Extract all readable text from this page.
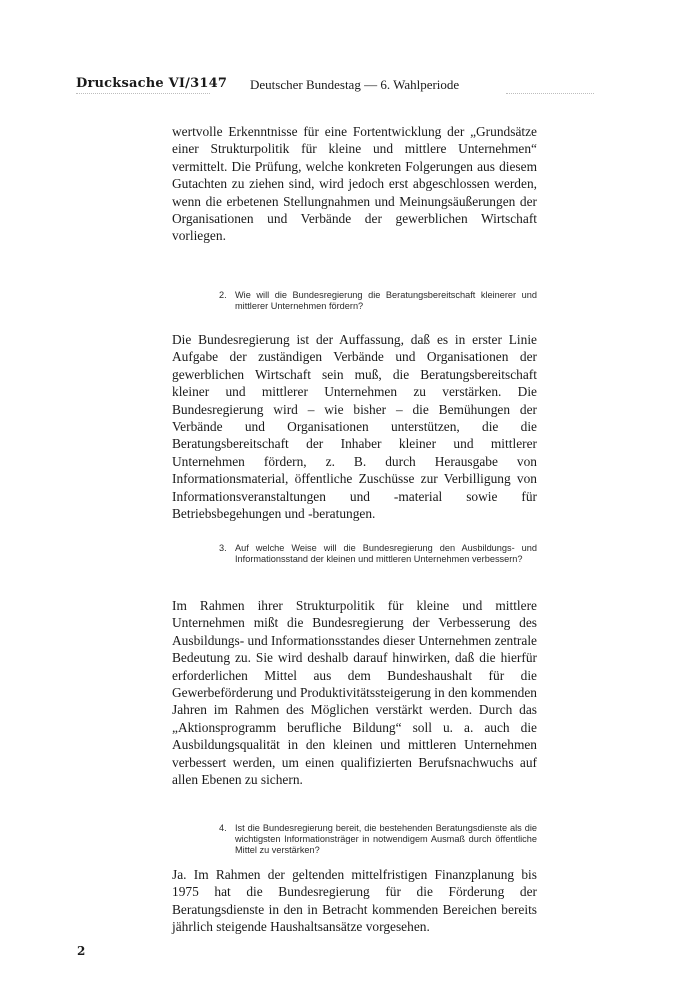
Drucksache VI/3147 Deutscher Bundestag — 6. Wahlperiode

wertvolle Erkenntnisse für eine Fortentwicklung der „Grundsätze einer Strukturpolitik für kleine und mittlere Unternehmen“ vermittelt. Die Prüfung, welche konkreten Folgerungen aus diesem Gutachten zu ziehen sind, wird jedoch erst abgeschlossen werden, wenn die erbetenen Stellungnahmen und Meinungsäußerungen der Organisationen und Verbände der gewerblichen Wirtschaft vorliegen.

2. Wie will die Bundesregierung die Beratungsbereitschaft kleinerer und mittlerer Unternehmen fördern?

Die Bundesregierung ist der Auffassung, daß es in erster Linie Aufgabe der zuständigen Verbände und Organisationen der gewerblichen Wirtschaft sein muß, die Beratungsbereitschaft kleiner und mittlerer Unternehmen zu verstärken. Die Bundesregierung wird – wie bisher – die Bemühungen der Verbände und Organisationen unterstützen, die die Beratungsbereitschaft der Inhaber kleiner und mittlerer Unternehmen fördern, z. B. durch Herausgabe von Informationsmaterial, öffentliche Zuschüsse zur Verbilligung von Informationsveranstaltungen und -material sowie für Betriebsbegehungen und -beratungen.

3. Auf welche Weise will die Bundesregierung den Ausbildungs- und Informationsstand der kleinen und mittleren Unternehmen verbessern?

Im Rahmen ihrer Strukturpolitik für kleine und mittlere Unternehmen mißt die Bundesregierung der Verbesserung des Ausbildungs- und Informationsstandes dieser Unternehmen zentrale Bedeutung zu. Sie wird deshalb darauf hinwirken, daß die hierfür erforderlichen Mittel aus dem Bundeshaushalt für die Gewerbeförderung und Produktivitätssteigerung in den kommenden Jahren im Rahmen des Möglichen verstärkt werden. Durch das „Aktionsprogramm berufliche Bildung“ soll u. a. auch die Ausbildungsqualität in den kleinen und mittleren Unternehmen verbessert werden, um einen qualifizierten Berufsnachwuchs auf allen Ebenen zu sichern.

4. Ist die Bundesregierung bereit, die bestehenden Beratungsdienste als die wichtigsten Informationsträger in notwendigem Ausmaß durch öffentliche Mittel zu verstärken?

Ja. Im Rahmen der geltenden mittelfristigen Finanzplanung bis 1975 hat die Bundesregierung für die Förderung der Beratungsdienste in den in Betracht kommenden Bereichen bereits jährlich steigende Haushaltsansätze vorgesehen.

2
